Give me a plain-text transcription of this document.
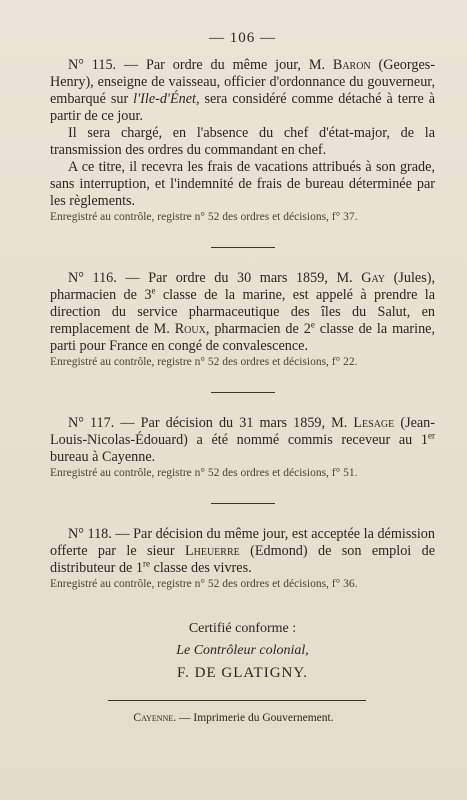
— 106 —

N° 115. — Par ordre du même jour, M. Baron (Georges-Henry), enseigne de vaisseau, officier d'ordonnance du gouverneur, embarqué sur l'Ile-d'Énet, sera considéré comme détaché à terre à partir de ce jour.

Il sera chargé, en l'absence du chef d'état-major, de la transmission des ordres du commandant en chef.

A ce titre, il recevra les frais de vacations attribués à son grade, sans interruption, et l'indemnité de frais de bureau déterminée par les règlements.

Enregistré au contrôle, registre n° 52 des ordres et décisions, f° 37.

N° 116. — Par ordre du 30 mars 1859, M. Gay (Jules), pharmacien de 3e classe de la marine, est appelé à prendre la direction du service pharmaceutique des îles du Salut, en remplacement de M. Roux, pharmacien de 2e classe de la marine, parti pour France en congé de convalescence.

Enregistré au contrôle, registre n° 52 des ordres et décisions, f° 22.

N° 117. — Par décision du 31 mars 1859, M. Lesage (Jean-Louis-Nicolas-Édouard) a été nommé commis receveur au 1er bureau à Cayenne.

Enregistré au contrôle, registre n° 52 des ordres et décisions, f° 51.

N° 118. — Par décision du même jour, est acceptée la démission offerte par le sieur Lheuerre (Edmond) de son emploi de distributeur de 1re classe des vivres.

Enregistré au contrôle, registre n° 52 des ordres et décisions, f° 36.

Certifié conforme :
Le Contrôleur colonial,
F. DE GLATIGNY.
Cayenne. — Imprimerie du Gouvernement.
